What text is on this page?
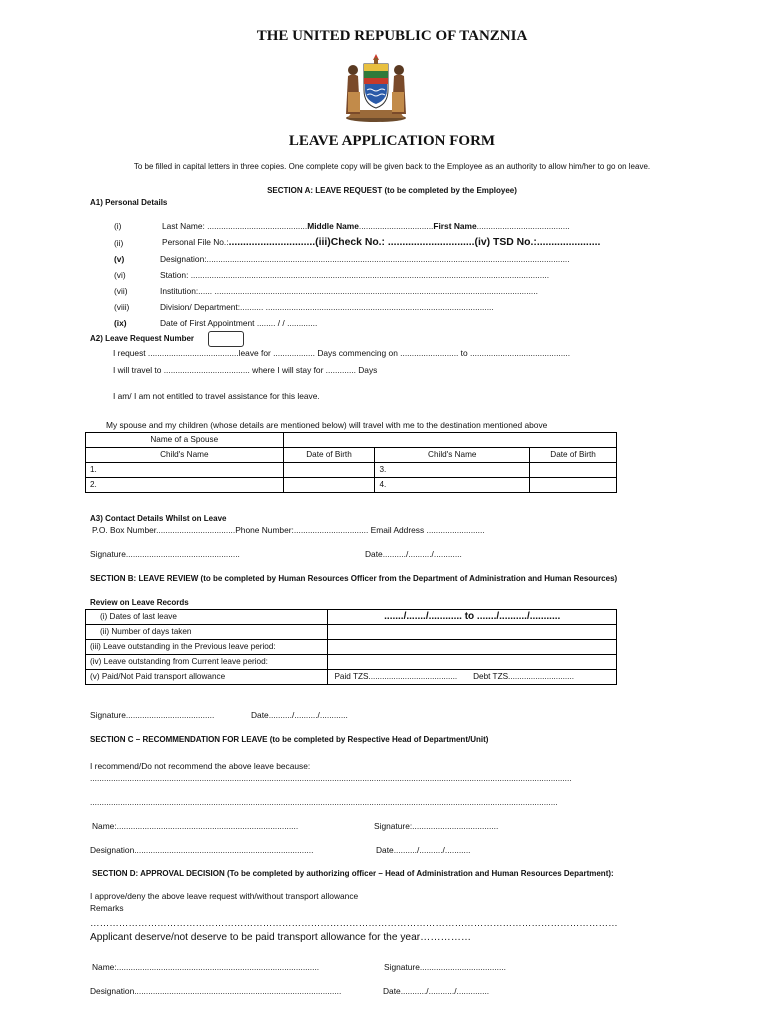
THE UNITED REPUBLIC OF TANZNIA
LEAVE APPLICATION FORM
To be filled in capital letters in three copies. One complete copy will be given back to the Employee as an authority to allow him/her to go on leave.
SECTION A: LEAVE REQUEST (to be completed by the Employee)
A1) Personal Details
(i)	Last Name: ...........................................Middle Name................................First Name........................................
(ii)	Personal File No.:..............................(iii)Check No.: ..............................(iv) TSD No.:......................
(v)	Designation:............................................................................................................................................................
(vi)	Station: ..........................................................................................................................................................
(vii)	Institution:...... ...........................................................................................................................................
(viii)	Division/ Department:.......... ..................................................................................................
(ix)	Date of First Appointment ........ / / .............
A2) Leave Request Number
I request .......................................leave for .................. Days commencing on ......................... to ...........................................
I will travel to ..................................... where I will stay for ............. Days
I am/ I am not entitled to travel assistance for this leave.
My spouse and my children (whose details are mentioned below) will travel with me to the destination mentioned above
Name of a Spouse			
Child's Name	Date of Birth	Child's Name	Date of Birth
1.		3.	
2.		4.	
A3) Contact Details Whilst on Leave
P.O. Box Number..................................Phone Number:................................ Email Address .........................
Signature.................................................	Date........../........../............
SECTION B: LEAVE REVIEW (to be completed by Human Resources Officer from the Department of Administration and Human Resources)
Review on Leave Records
(i) Dates of last leave	......./......./............ to ......./........../...........
(ii) Number of days taken	
(iii) Leave outstanding in the Previous leave period:	
(iv) Leave outstanding from Current leave period:	
(v) Paid/Not Paid transport allowance	Paid TZS....................................... Debt TZS.............................
Signature......................................	Date........../........../............
SECTION C – RECOMMENDATION FOR LEAVE (to be completed by Respective Head of Department/Unit)
I recommend/Do not recommend the above leave because:
...............................................................................................................................................................................................................
.........................................................................................................................................................................................................
Name:..............................................................................	Signature:.....................................
Designation.............................................................................	Date........../........../...........
SECTION D: APPROVAL DECISION (To be completed by authorizing officer – Head of Administration and Human Resources Department):
I approve/deny the above leave request with/without transport allowance
Remarks
…………………………………………………………………………………………………………………………………………………
Applicant deserve/not deserve to be paid transport allowance for the year……………
Name:.......................................................................................	Signature.....................................
Designation.........................................................................................	Date.........../.........../..............
